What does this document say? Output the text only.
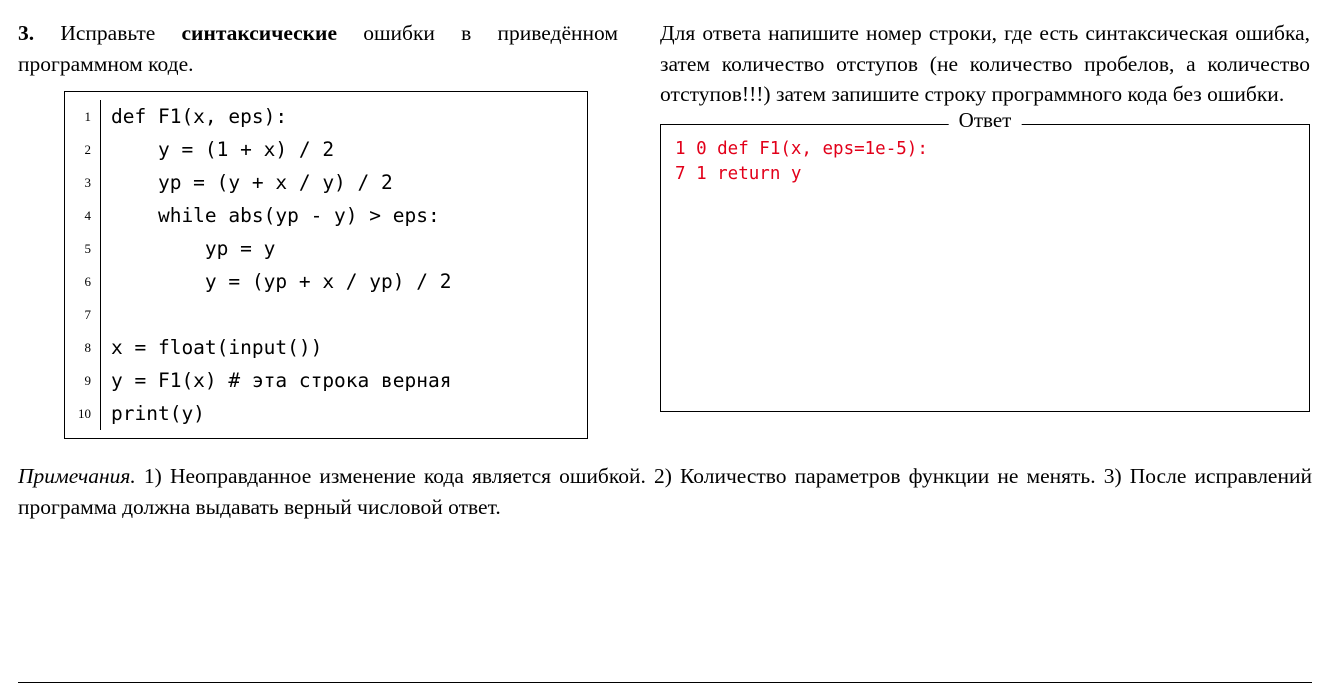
3. Исправьте синтаксические ошибки в приведённом программном коде.

1	def F1(x, eps):
2	y = (1 + x) / 2
3	yp = (y + x / y) / 2
4	while abs(yp - y) > eps:
5	yp = y
6	y = (yp + x / yp) / 2
7	
8	x = float(input())
9	y = F1(x) # эта строка верная
10	print(y)

Для ответа напишите номер строки, где есть синтаксическая ошибка, затем количество отступов (не количество пробелов, а количество отступов!!!) затем запишите строку программного кода без ошибки.

Ответ
1 0 def F1(x, eps=1e-5):
7 1 return y

Примечания. 1) Неоправданное изменение кода является ошибкой. 2) Количество параметров функции не менять. 3) После исправлений программа должна выдавать верный числовой ответ.
